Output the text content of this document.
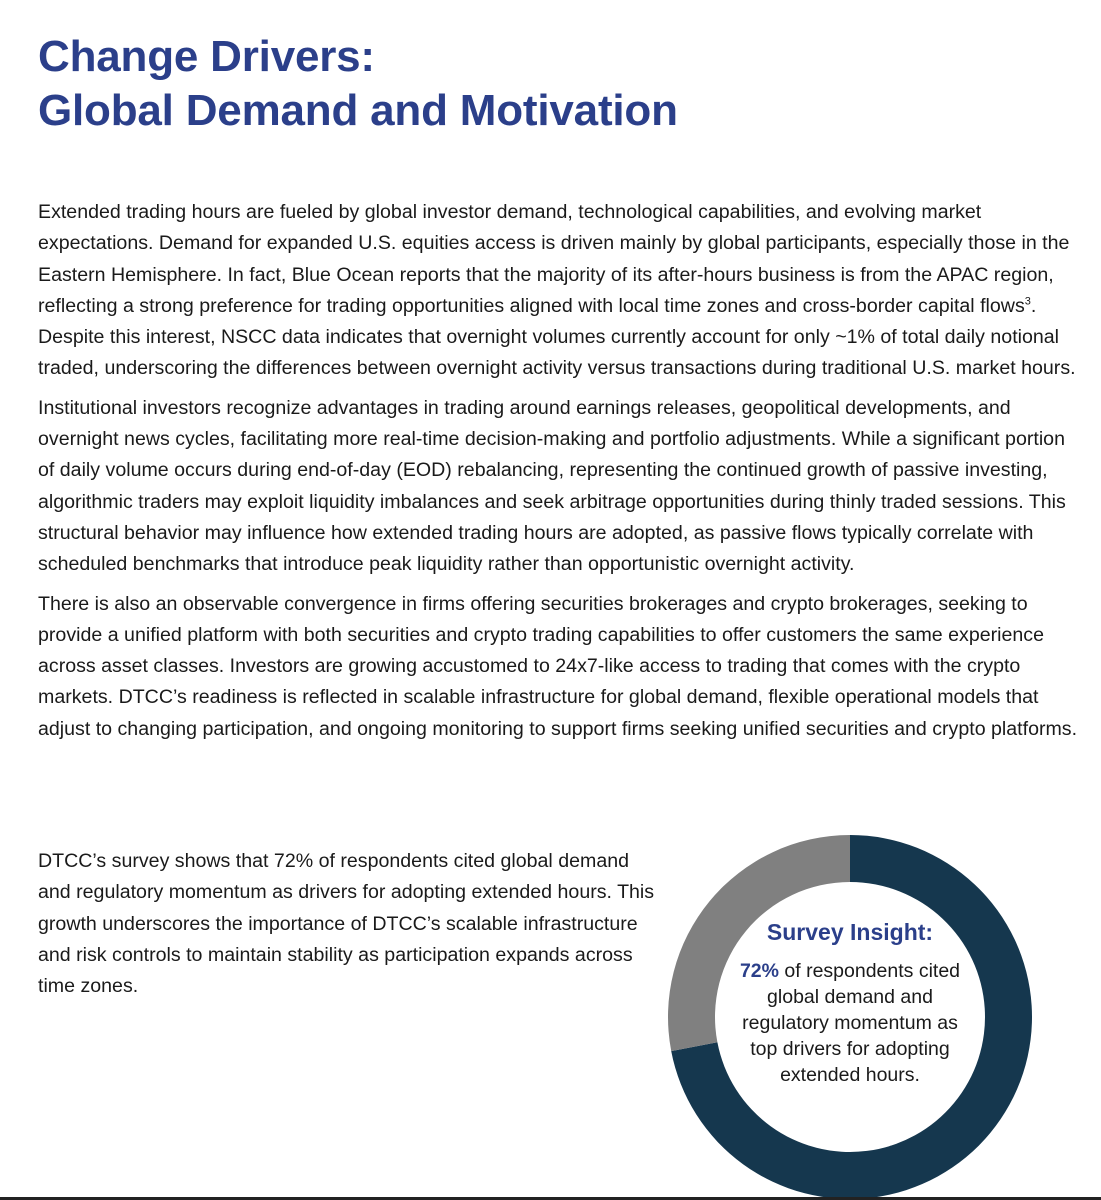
Change Drivers:
Global Demand and Motivation

Extended trading hours are fueled by global investor demand, technological capabilities, and evolving market expectations. Demand for expanded U.S. equities access is driven mainly by global participants, especially those in the Eastern Hemisphere. In fact, Blue Ocean reports that the majority of its after-hours business is from the APAC region, reflecting a strong preference for trading opportunities aligned with local time zones and cross-border capital flows$^3$. Despite this interest, NSCC data indicates that overnight volumes currently account for only ~1% of total daily notional traded, underscoring the differences between overnight activity versus transactions during traditional U.S. market hours.

Institutional investors recognize advantages in trading around earnings releases, geopolitical developments, and overnight news cycles, facilitating more real-time decision-making and portfolio adjustments. While a significant portion of daily volume occurs during end-of-day (EOD) rebalancing, representing the continued growth of passive investing, algorithmic traders may exploit liquidity imbalances and seek arbitrage opportunities during thinly traded sessions. This structural behavior may influence how extended trading hours are adopted, as passive flows typically correlate with scheduled benchmarks that introduce peak liquidity rather than opportunistic overnight activity.

There is also an observable convergence in firms offering securities brokerages and crypto brokerages, seeking to provide a unified platform with both securities and crypto trading capabilities to offer customers the same experience across asset classes. Investors are growing accustomed to 24x7-like access to trading that comes with the crypto markets. DTCC’s readiness is reflected in scalable infrastructure for global demand, flexible operational models that adjust to changing participation, and ongoing monitoring to support firms seeking unified securities and crypto platforms.

DTCC’s survey shows that 72% of respondents cited global demand and regulatory momentum as drivers for adopting extended hours. This growth underscores the importance of DTCC’s scalable infrastructure and risk controls to maintain stability as participation expands across time zones.

Survey Insight:
72% of respondents cited global demand and regulatory momentum as top drivers for adopting extended hours.
